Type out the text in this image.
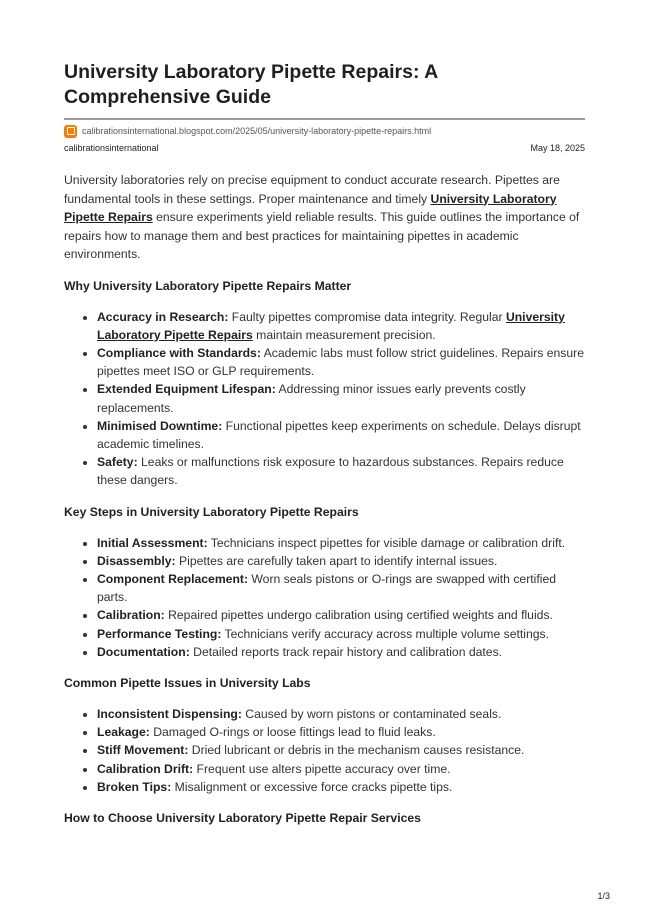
University Laboratory Pipette Repairs: A Comprehensive Guide
calibrationsinternational.blogspot.com/2025/05/university-laboratory-pipette-repairs.html
calibrationsinternational	May 18, 2025

University laboratories rely on precise equipment to conduct accurate research. Pipettes are fundamental tools in these settings. Proper maintenance and timely University Laboratory Pipette Repairs ensure experiments yield reliable results. This guide outlines the importance of repairs how to manage them and best practices for maintaining pipettes in academic environments.

Why University Laboratory Pipette Repairs Matter
• Accuracy in Research: Faulty pipettes compromise data integrity. Regular University Laboratory Pipette Repairs maintain measurement precision.
• Compliance with Standards: Academic labs must follow strict guidelines. Repairs ensure pipettes meet ISO or GLP requirements.
• Extended Equipment Lifespan: Addressing minor issues early prevents costly replacements.
• Minimised Downtime: Functional pipettes keep experiments on schedule. Delays disrupt academic timelines.
• Safety: Leaks or malfunctions risk exposure to hazardous substances. Repairs reduce these dangers.
Key Steps in University Laboratory Pipette Repairs
• Initial Assessment: Technicians inspect pipettes for visible damage or calibration drift.
• Disassembly: Pipettes are carefully taken apart to identify internal issues.
• Component Replacement: Worn seals pistons or O-rings are swapped with certified parts.
• Calibration: Repaired pipettes undergo calibration using certified weights and fluids.
• Performance Testing: Technicians verify accuracy across multiple volume settings.
• Documentation: Detailed reports track repair history and calibration dates.
Common Pipette Issues in University Labs
• Inconsistent Dispensing: Caused by worn pistons or contaminated seals.
• Leakage: Damaged O-rings or loose fittings lead to fluid leaks.
• Stiff Movement: Dried lubricant or debris in the mechanism causes resistance.
• Calibration Drift: Frequent use alters pipette accuracy over time.
• Broken Tips: Misalignment or excessive force cracks pipette tips.
How to Choose University Laboratory Pipette Repair Services
1/3
